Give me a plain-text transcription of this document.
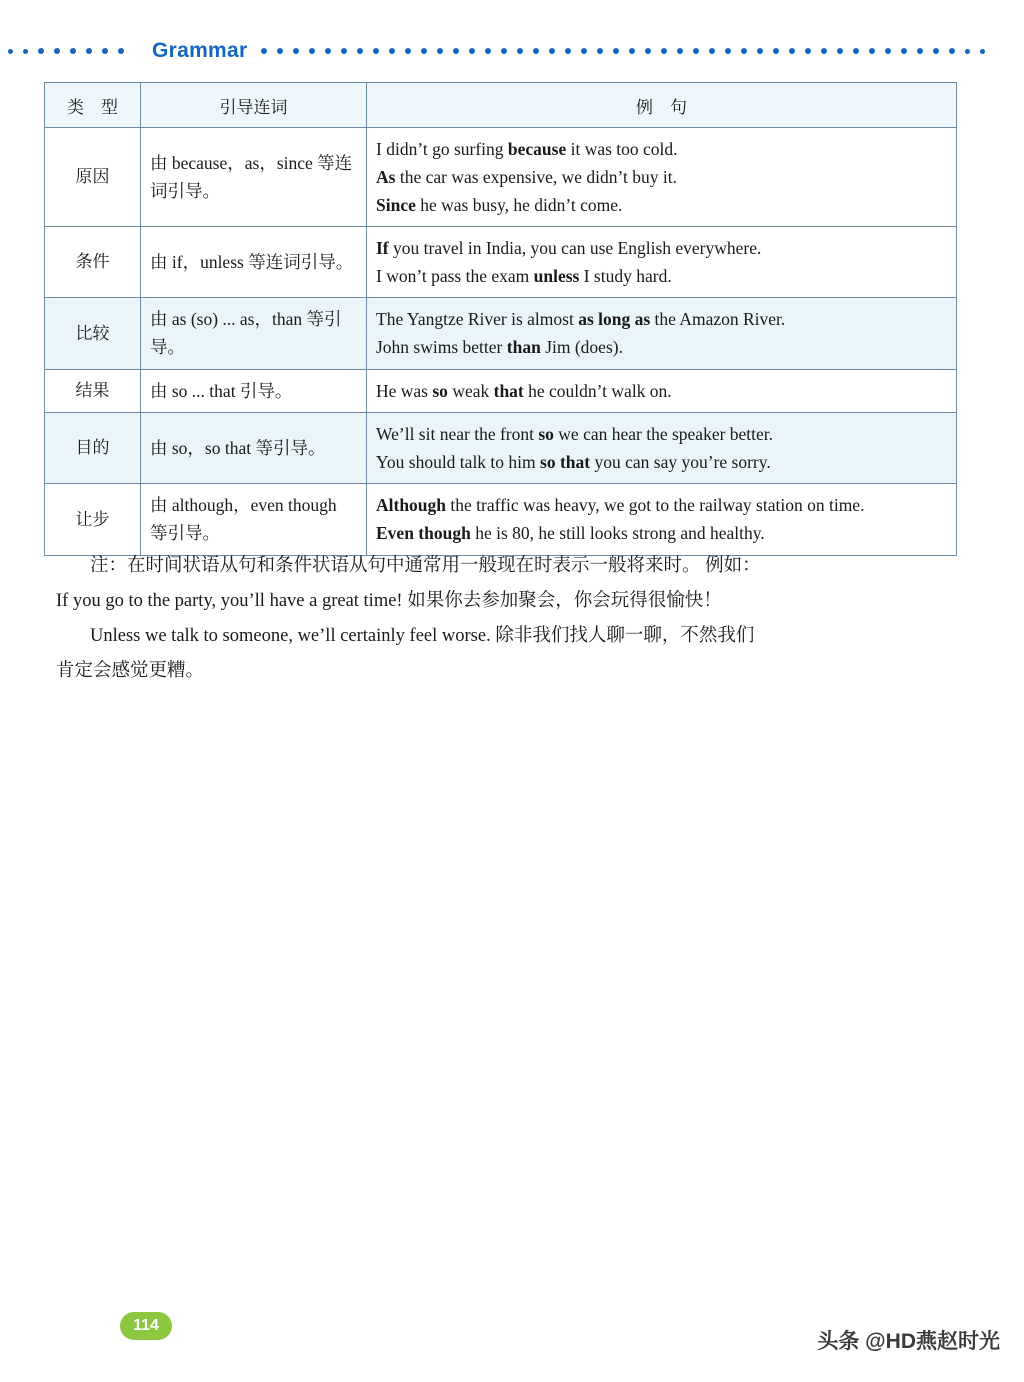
Grammar
类　型	引导连词	例　句
原因	由 because，as，since 等连词引导。	I didn’t go surfing because it was too cold.
As the car was expensive, we didn’t buy it.
Since he was busy, he didn’t come.

条件	由 if，unless 等连词引导。	If you travel in India, you can use English everywhere.
I won’t pass the exam unless I study hard.

比较	由 as (so) ... as，than 等引导。	The Yangtze River is almost as long as the Amazon River.
John swims better than Jim (does).

结果	由 so ... that 引导。	He was so weak that he couldn’t walk on.

目的	由 so，so that 等引导。	We’ll sit near the front so we can hear the speaker better.
You should talk to him so that you can say you’re sorry.

让步	由 although，even though 等引导。	Although the traffic was heavy, we got to the railway station on time.
Even though he is 80, he still looks strong and healthy.

注：在时间状语从句和条件状语从句中通常用一般现在时表示一般将来时。 例如：

If you go to the party, you’ll have a great time! 如果你去参加聚会，你会玩得很愉快！

Unless we talk to someone, we’ll certainly feel worse. 除非我们找人聊一聊，不然我们

肯定会感觉更糟。

114
头条 @HD燕赵时光
